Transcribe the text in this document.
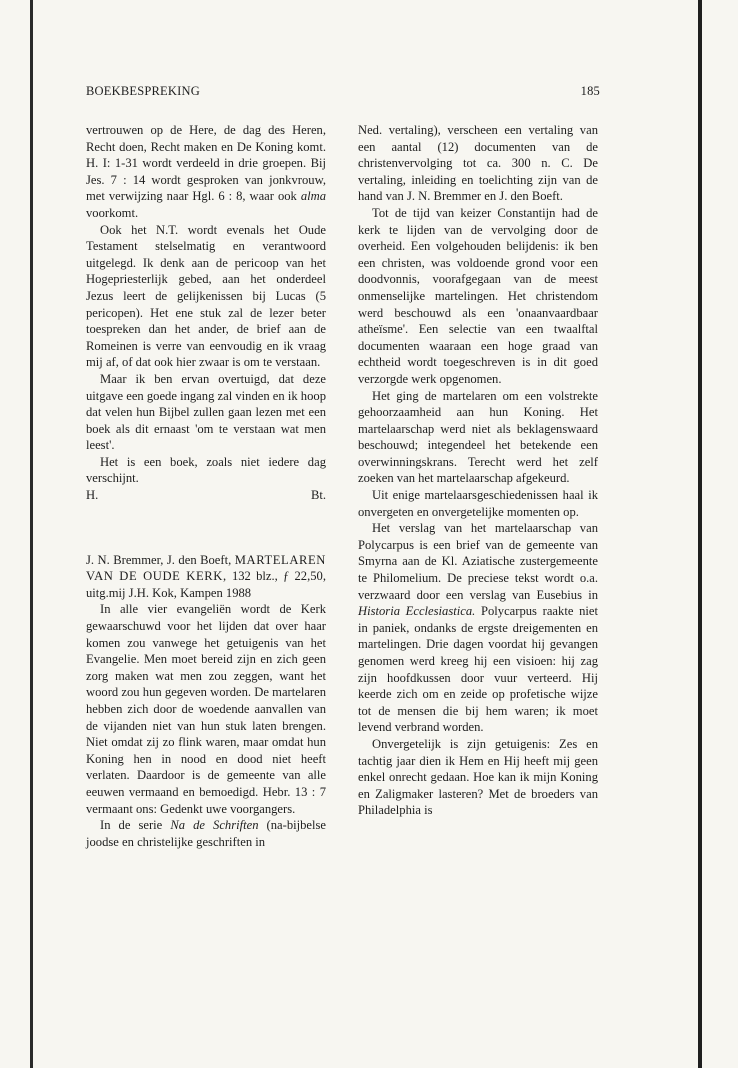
BOEKBESPREKING	185

vertrouwen op de Here, de dag des Heren, Recht doen, Recht maken en De Koning komt. H. I: 1-31 wordt verdeeld in drie groepen. Bij Jes. 7 : 14 wordt gesproken van jonkvrouw, met verwijzing naar Hgl. 6 : 8, waar ook alma voorkomt.

Ook het N.T. wordt evenals het Oude Testament stelselmatig en verantwoord uitgelegd. Ik denk aan de pericoop van het Hogepriesterlijk gebed, aan het onderdeel Jezus leert de gelijkenissen bij Lucas (5 pericopen). Het ene stuk zal de lezer beter toespreken dan het ander, de brief aan de Romeinen is verre van eenvoudig en ik vraag mij af, of dat ook hier zwaar is om te verstaan.

Maar ik ben ervan overtuigd, dat deze uitgave een goede ingang zal vinden en ik hoop dat velen hun Bijbel zullen gaan lezen met een boek als dit ernaast 'om te verstaan wat men leest'.

Het is een boek, zoals niet iedere dag verschijnt.

H.	Bt.

J. N. Bremmer, J. den Boeft, MARTELAREN VAN DE OUDE KERK, 132 blz., ƒ 22,50, uitg.mij J.H. Kok, Kampen 1988

In alle vier evangeliën wordt de Kerk gewaarschuwd voor het lijden dat over haar komen zou vanwege het getuigenis van het Evangelie. Men moet bereid zijn en zich geen zorg maken wat men zou zeggen, want het woord zou hun gegeven worden. De martelaren hebben zich door de woedende aanvallen van de vijanden niet van hun stuk laten brengen. Niet omdat zij zo flink waren, maar omdat hun Koning hen in nood en dood niet heeft verlaten. Daardoor is de gemeente van alle eeuwen vermaand en bemoedigd. Hebr. 13 : 7 vermaant ons: Gedenkt uwe voorgangers.

In de serie Na de Schriften (na-bijbelse joodse en christelijke geschriften in

Ned. vertaling), verscheen een vertaling van een aantal (12) documenten van de christenvervolging tot ca. 300 n. C. De vertaling, inleiding en toelichting zijn van de hand van J. N. Bremmer en J. den Boeft.

Tot de tijd van keizer Constantijn had de kerk te lijden van de vervolging door de overheid. Een volgehouden belijdenis: ik ben een christen, was voldoende grond voor een doodvonnis, voorafgegaan van de meest onmenselijke martelingen. Het christendom werd beschouwd als een 'onaanvaardbaar atheïsme'. Een selectie van een twaalftal documenten waaraan een hoge graad van echtheid wordt toegeschreven is in dit goed verzorgde werk opgenomen.

Het ging de martelaren om een volstrekte gehoorzaamheid aan hun Koning. Het martelaarschap werd niet als beklagenswaard beschouwd; integendeel het betekende een overwinningskrans. Terecht werd het zelf zoeken van het martelaarschap afgekeurd.

Uit enige martelaarsgeschiedenissen haal ik onvergeten en onvergetelijke momenten op.

Het verslag van het martelaarschap van Polycarpus is een brief van de gemeente van Smyrna aan de Kl. Aziatische zustergemeente te Philomelium. De preciese tekst wordt o.a. verzwaard door een verslag van Eusebius in Historia Ecclesiastica. Polycarpus raakte niet in paniek, ondanks de ergste dreigementen en martelingen. Drie dagen voordat hij gevangen genomen werd kreeg hij een visioen: hij zag zijn hoofdkussen door vuur verteerd. Hij keerde zich om en zeide op profetische wijze tot de mensen die bij hem waren; ik moet levend verbrand worden.

Onvergetelijk is zijn getuigenis: Zes en tachtig jaar dien ik Hem en Hij heeft mij geen enkel onrecht gedaan. Hoe kan ik mijn Koning en Zaligmaker lasteren? Met de broeders van Philadelphia is
